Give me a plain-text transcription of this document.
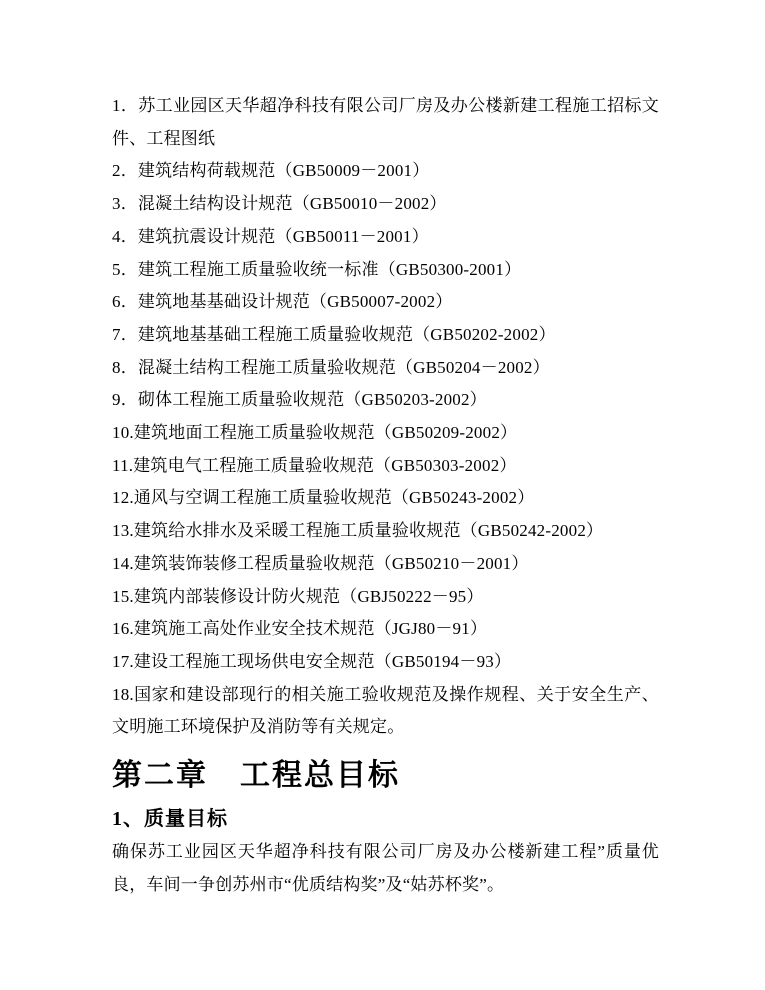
1．苏工业园区天华超净科技有限公司厂房及办公楼新建工程施工招标文件、工程图纸

2．建筑结构荷载规范（GB50009－2001）

3．混凝土结构设计规范（GB50010－2002）

4．建筑抗震设计规范（GB50011－2001）

5．建筑工程施工质量验收统一标准（GB50300-2001）

6．建筑地基基础设计规范（GB50007-2002）

7．建筑地基基础工程施工质量验收规范（GB50202-2002）

8．混凝土结构工程施工质量验收规范（GB50204－2002）

9．砌体工程施工质量验收规范（GB50203-2002）

10.建筑地面工程施工质量验收规范（GB50209-2002）

11.建筑电气工程施工质量验收规范（GB50303-2002）

12.通风与空调工程施工质量验收规范（GB50243-2002）

13.建筑给水排水及采暖工程施工质量验收规范（GB50242-2002）

14.建筑装饰装修工程质量验收规范（GB50210－2001）

15.建筑内部装修设计防火规范（GBJ50222－95）

16.建筑施工高处作业安全技术规范（JGJ80－91）

17.建设工程施工现场供电安全规范（GB50194－93）

18.国家和建设部现行的相关施工验收规范及操作规程、关于安全生产、文明施工环境保护及消防等有关规定。

第二章　工程总目标
1、质量目标

确保苏工业园区天华超净科技有限公司厂房及办公楼新建工程”质量优良，车间一争创苏州市“优质结构奖”及“姑苏杯奖”。
